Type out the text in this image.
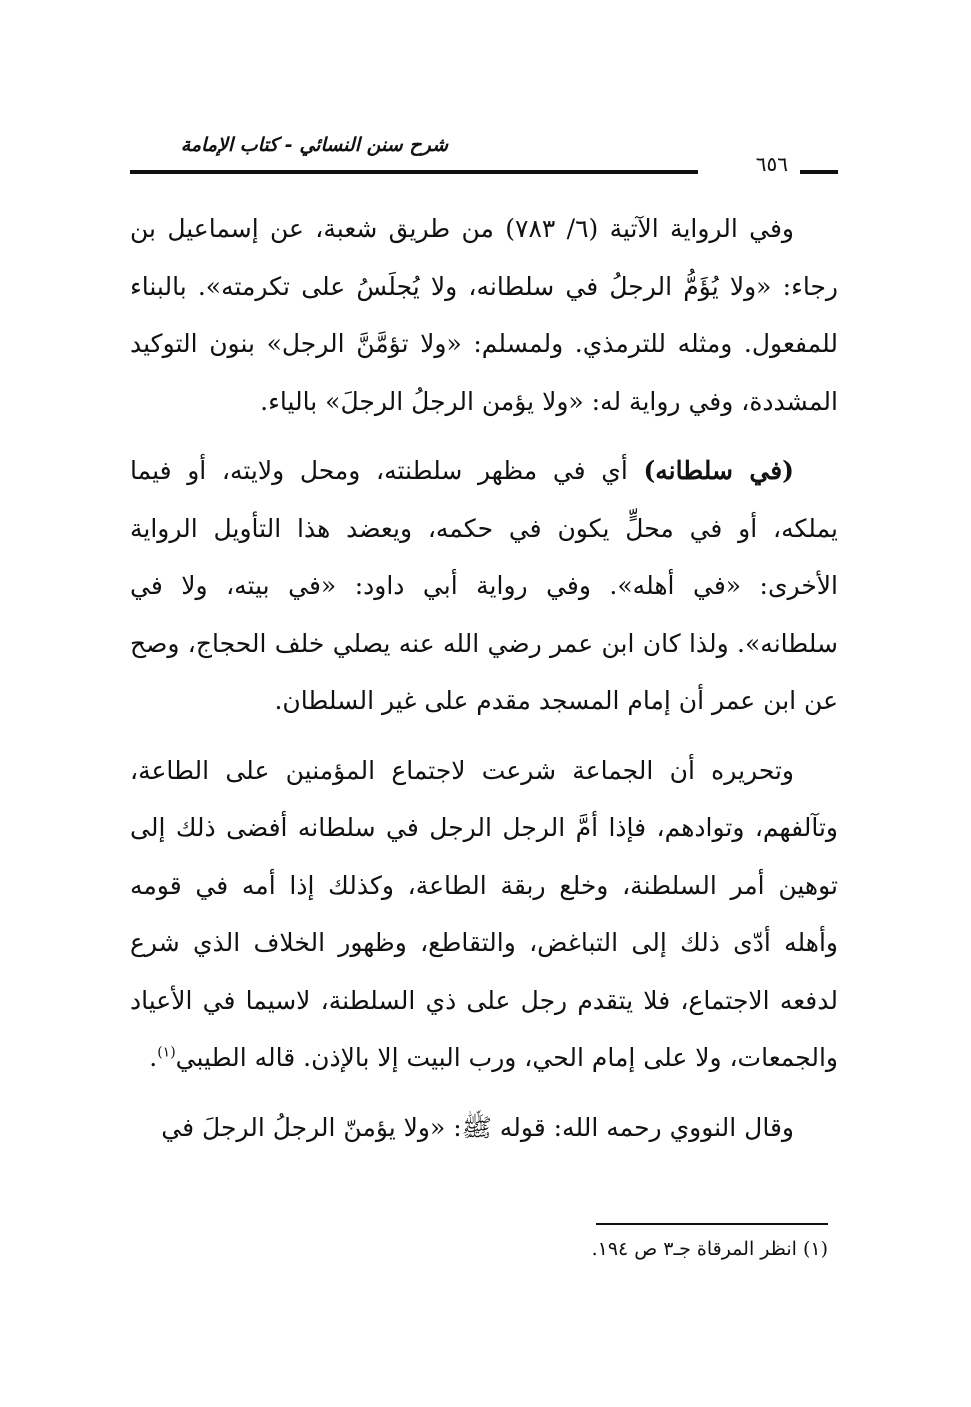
شرح سنن النسائي - كتاب الإمامة
٦٥٦

وفي الرواية الآتية (٦/ ٧٨٣) من طريق شعبة، عن إسماعيل بن رجاء: «ولا يُؤَمُّ الرجلُ في سلطانه، ولا يُجلَسُ على تكرمته». بالبناء للمفعول. ومثله للترمذي. ولمسلم: «ولا تؤمَّنَّ الرجل» بنون التوكيد المشددة، وفي رواية له: «ولا يؤمن الرجلُ الرجلَ» بالياء.

(في سلطانه) أي في مظهر سلطنته، ومحل ولايته، أو فيما يملكه، أو في محلٍّ يكون في حكمه، ويعضد هذا التأويل الرواية الأخرى: «في أهله». وفي رواية أبي داود: «في بيته، ولا في سلطانه». ولذا كان ابن عمر رضي الله عنه يصلي خلف الحجاج، وصح عن ابن عمر أن إمام المسجد مقدم على غير السلطان.

وتحريره أن الجماعة شرعت لاجتماع المؤمنين على الطاعة، وتآلفهم، وتوادهم، فإذا أمَّ الرجل الرجل في سلطانه أفضى ذلك إلى توهين أمر السلطنة، وخلع ربقة الطاعة، وكذلك إذا أمه في قومه وأهله أدّى ذلك إلى التباغض، والتقاطع، وظهور الخلاف الذي شرع لدفعه الاجتماع، فلا يتقدم رجل على ذي السلطنة، لاسيما في الأعياد والجمعات، ولا على إمام الحي، ورب البيت إلا بالإذن. قاله الطيبي$^{(١)}$.

وقال النووي رحمه الله: قوله ﷺ: «ولا يؤمنّ الرجلُ الرجلَ في

(١) انظر المرقاة جـ٣ ص ١٩٤.
